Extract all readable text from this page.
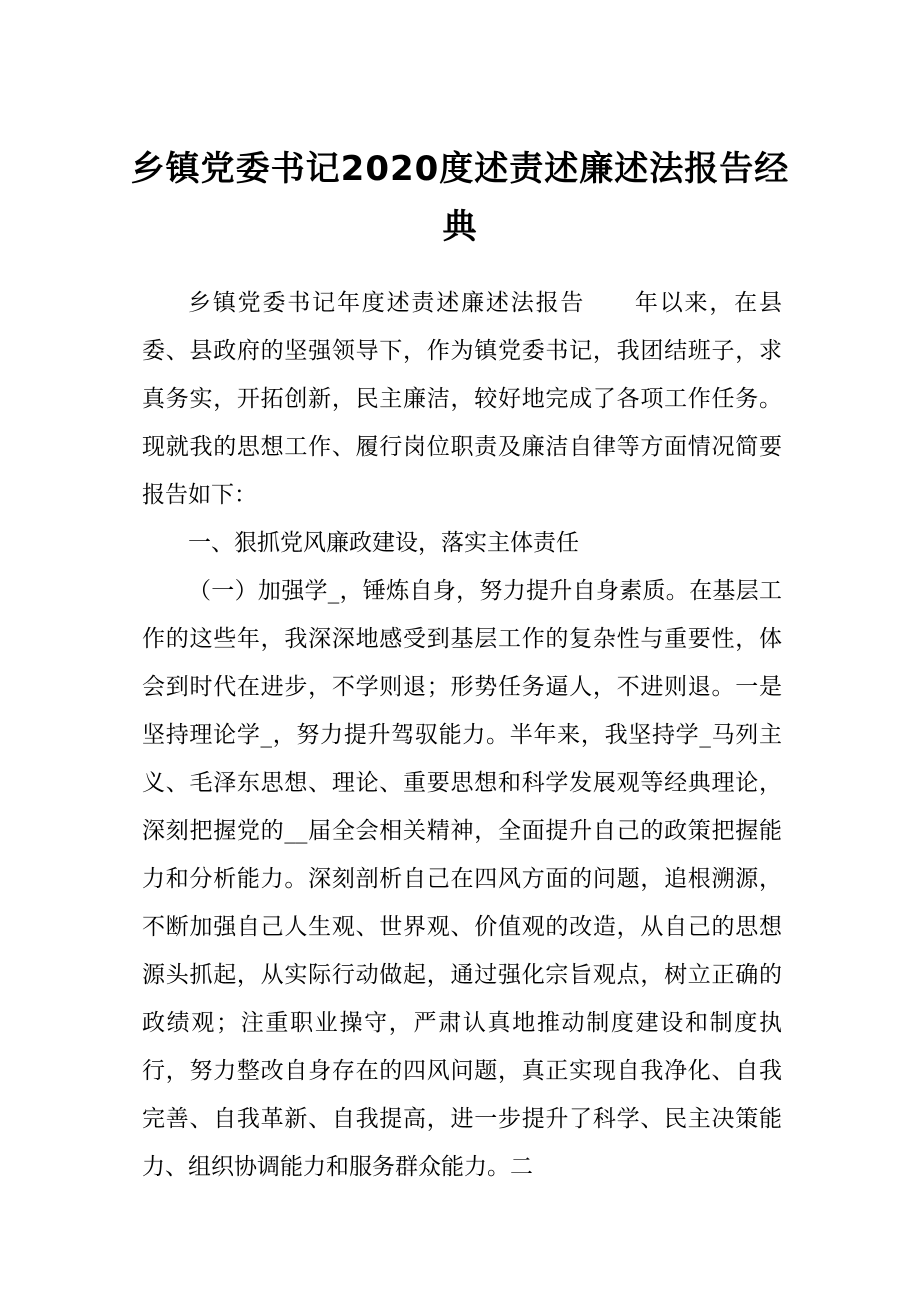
乡镇党委书记2020度述责述廉述法报告经典

乡镇党委书记年度述责述廉述法报告　　年以来，在县委、县政府的坚强领导下，作为镇党委书记，我团结班子，求真务实，开拓创新，民主廉洁，较好地完成了各项工作任务。现就我的思想工作、履行岗位职责及廉洁自律等方面情况简要报告如下：

一、狠抓党风廉政建设，落实主体责任

（一）加强学_，锤炼自身，努力提升自身素质。在基层工作的这些年，我深深地感受到基层工作的复杂性与重要性，体会到时代在进步，不学则退；形势任务逼人，不进则退。一是坚持理论学_，努力提升驾驭能力。半年来，我坚持学_马列主义、毛泽东思想、理论、重要思想和科学发展观等经典理论，深刻把握党的__届全会相关精神，全面提升自己的政策把握能力和分析能力。深刻剖析自己在四风方面的问题，追根溯源，不断加强自己人生观、世界观、价值观的改造，从自己的思想源头抓起，从实际行动做起，通过强化宗旨观点，树立正确的政绩观；注重职业操守，严肃认真地推动制度建设和制度执行，努力整改自身存在的四风问题，真正实现自我净化、自我完善、自我革新、自我提高，进一步提升了科学、民主决策能力、组织协调能力和服务群众能力。二
